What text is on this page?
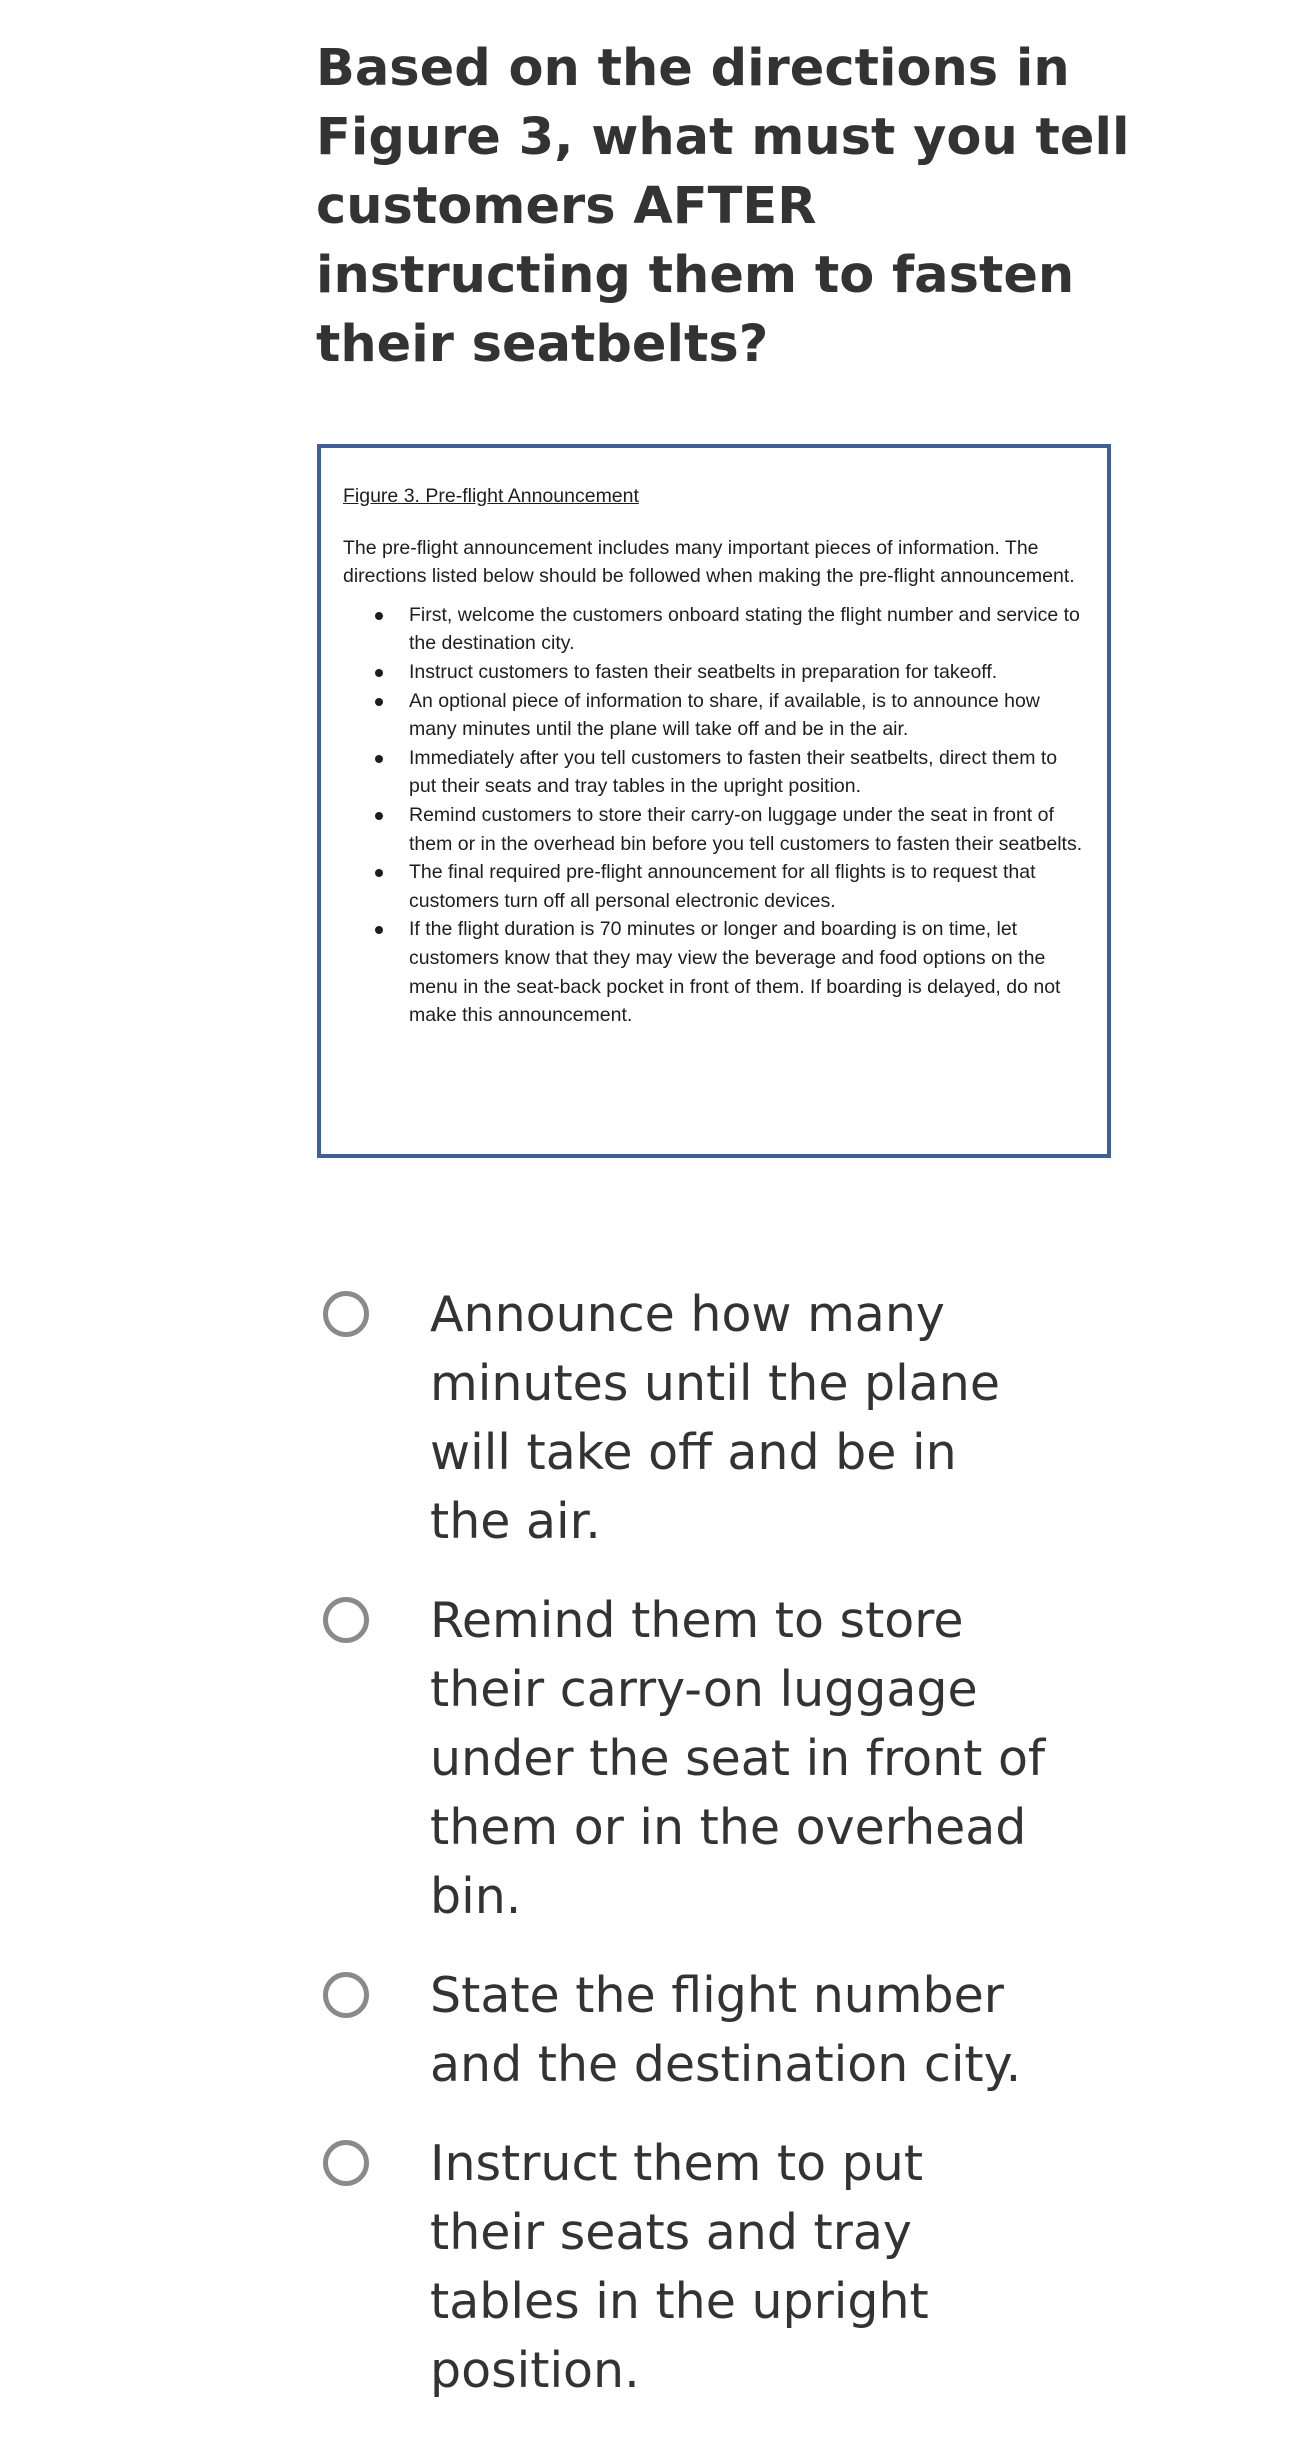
Based on the directions in Figure 3, what must you tell customers AFTER instructing them to fasten their seatbelts?

Figure 3. Pre-flight Announcement

The pre-flight announcement includes many important pieces of information. The directions listed below should be followed when making the pre-flight announcement.

First, welcome the customers onboard stating the flight number and service to the destination city.
Instruct customers to fasten their seatbelts in preparation for takeoff.
An optional piece of information to share, if available, is to announce how many minutes until the plane will take off and be in the air.
Immediately after you tell customers to fasten their seatbelts, direct them to put their seats and tray tables in the upright position.
Remind customers to store their carry-on luggage under the seat in front of them or in the overhead bin before you tell customers to fasten their seatbelts.
The final required pre-flight announcement for all flights is to request that customers turn off all personal electronic devices.
If the flight duration is 70 minutes or longer and boarding is on time, let customers know that they may view the beverage and food options on the menu in the seat-back pocket in front of them. If boarding is delayed, do not make this announcement.
Announce how many minutes until the plane will take off and be in the air.
Remind them to store their carry-on luggage under the seat in front of them or in the overhead bin.
State the flight number and the destination city.
Instruct them to put their seats and tray tables in the upright position.
